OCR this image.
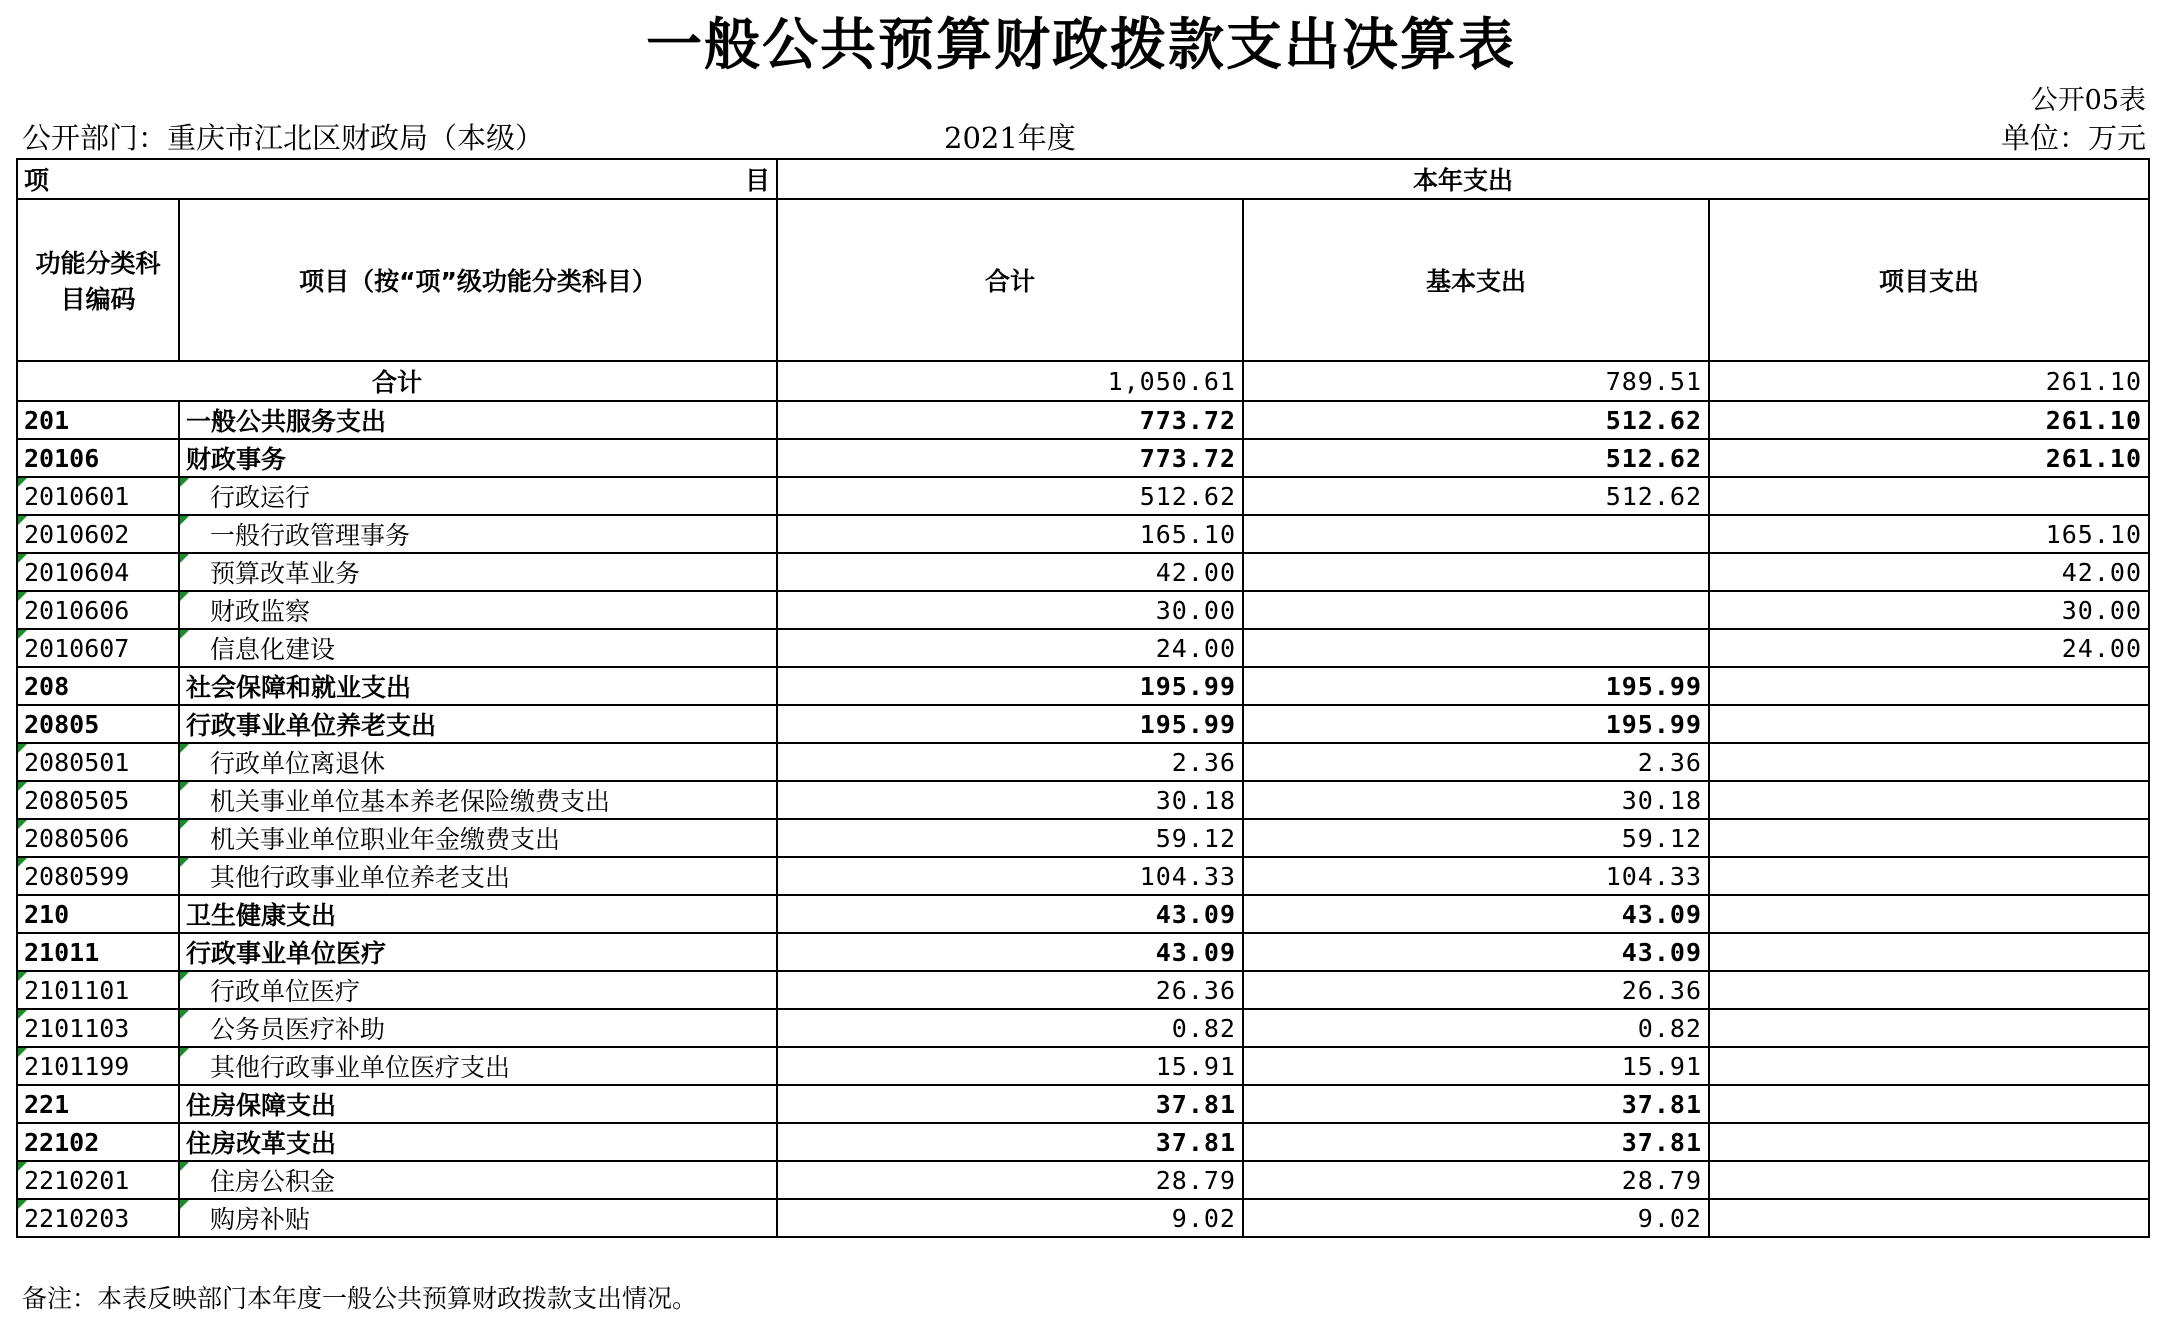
一般公共预算财政拨款支出决算表
公开05表
公开部门：重庆市江北区财政局（本级）	2021年度	单位：万元
项 目		本年支出		
功能分类科目编码	项目（按“项”级功能分类科目）	合计	基本支出	项目支出
合计		1,050.61	789.51	261.10
201	一般公共服务支出	773.72	512.62	261.10
20106	财政事务	773.72	512.62	261.10

2010601	行政运行	512.62	512.62	

2010602	一般行政管理事务	165.10		165.10

2010604	预算改革业务	42.00		42.00

2010606	财政监察	30.00		30.00

2010607	信息化建设	24.00		24.00
208	社会保障和就业支出	195.99	195.99	
20805	行政事业单位养老支出	195.99	195.99	

2080501	行政单位离退休	2.36	2.36	

2080505	机关事业单位基本养老保险缴费支出	30.18	30.18	

2080506	机关事业单位职业年金缴费支出	59.12	59.12	

2080599	其他行政事业单位养老支出	104.33	104.33	
210	卫生健康支出	43.09	43.09	
21011	行政事业单位医疗	43.09	43.09	

2101101	行政单位医疗	26.36	26.36	

2101103	公务员医疗补助	0.82	0.82	

2101199	其他行政事业单位医疗支出	15.91	15.91	
221	住房保障支出	37.81	37.81	
22102	住房改革支出	37.81	37.81	

2210201	住房公积金	28.79	28.79	

2210203	购房补贴	9.02	9.02	
备注：本表反映部门本年度一般公共预算财政拨款支出情况。
